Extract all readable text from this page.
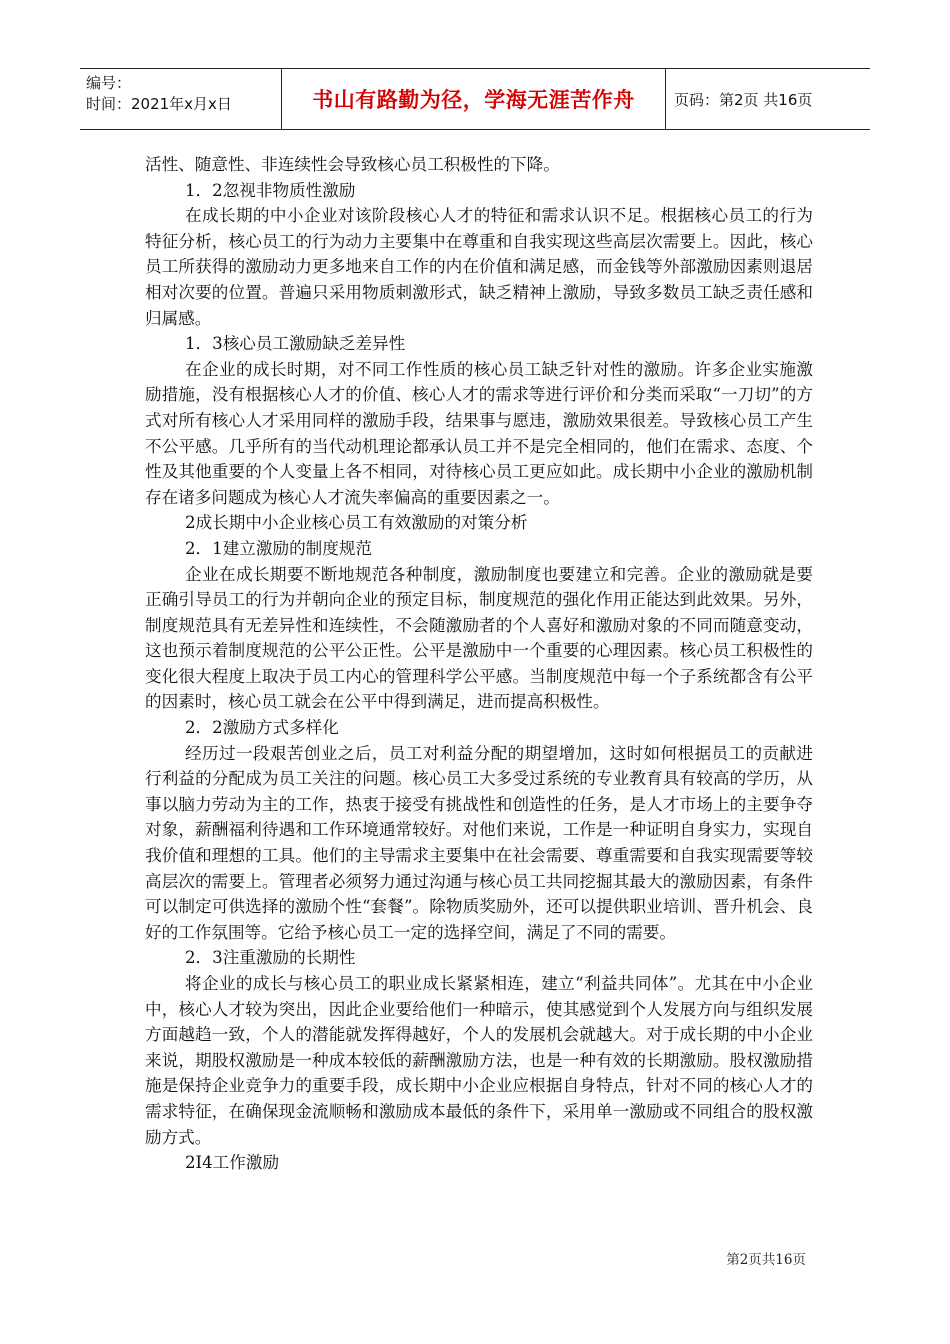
编号：
时间：2021年x月x日	书山有路勤为径，学海无涯苦作舟	页码：第2页 共16页

活性、随意性、非连续性会导致核心员工积极性的下降。

1．2忽视非物质性激励

在成长期的中小企业对该阶段核心人才的特征和需求认识不足。根据核心员工的行为特征分析，核心员工的行为动力主要集中在尊重和自我实现这些高层次需要上。因此，核心员工所获得的激励动力更多地来自工作的内在价值和满足感，而金钱等外部激励因素则退居相对次要的位置。普遍只采用物质刺激形式，缺乏精神上激励，导致多数员工缺乏责任感和归属感。

1．3核心员工激励缺乏差异性

在企业的成长时期，对不同工作性质的核心员工缺乏针对性的激励。许多企业实施激励措施，没有根据核心人才的价值、核心人才的需求等进行评价和分类而采取“一刀切”的方式对所有核心人才采用同样的激励手段，结果事与愿违，激励效果很差。导致核心员工产生不公平感。几乎所有的当代动机理论都承认员工并不是完全相同的，他们在需求、态度、个性及其他重要的个人变量上各不相同，对待核心员工更应如此。成长期中小企业的激励机制存在诸多问题成为核心人才流失率偏高的重要因素之一。

2成长期中小企业核心员工有效激励的对策分析

2．1建立激励的制度规范

企业在成长期要不断地规范各种制度，激励制度也要建立和完善。企业的激励就是要正确引导员工的行为并朝向企业的预定目标，制度规范的强化作用正能达到此效果。另外，制度规范具有无差异性和连续性，不会随激励者的个人喜好和激励对象的不同而随意变动，这也预示着制度规范的公平公正性。公平是激励中一个重要的心理因素。核心员工积极性的变化很大程度上取决于员工内心的管理科学公平感。当制度规范中每一个子系统都含有公平的因素时，核心员工就会在公平中得到满足，进而提高积极性。

2．2激励方式多样化

经历过一段艰苦创业之后，员工对利益分配的期望增加，这时如何根据员工的贡献进行利益的分配成为员工关注的问题。核心员工大多受过系统的专业教育具有较高的学历，从事以脑力劳动为主的工作，热衷于接受有挑战性和创造性的任务，是人才市场上的主要争夺对象，薪酬福利待遇和工作环境通常较好。对他们来说，工作是一种证明自身实力，实现自我价值和理想的工具。他们的主导需求主要集中在社会需要、尊重需要和自我实现需要等较高层次的需要上。管理者必须努力通过沟通与核心员工共同挖掘其最大的激励因素，有条件可以制定可供选择的激励个性“套餐”。除物质奖励外，还可以提供职业培训、晋升机会、良好的工作氛围等。它给予核心员工一定的选择空间，满足了不同的需要。

2．3注重激励的长期性

将企业的成长与核心员工的职业成长紧紧相连，建立“利益共同体”。尤其在中小企业中，核心人才较为突出，因此企业要给他们一种暗示，使其感觉到个人发展方向与组织发展方面越趋一致，个人的潜能就发挥得越好，个人的发展机会就越大。对于成长期的中小企业来说，期股权激励是一种成本较低的薪酬激励方法，也是一种有效的长期激励。股权激励措施是保持企业竞争力的重要手段，成长期中小企业应根据自身特点，针对不同的核心人才的需求特征，在确保现金流顺畅和激励成本最低的条件下，采用单一激励或不同组合的股权激励方式。

2I4工作激励

第2页共16页
